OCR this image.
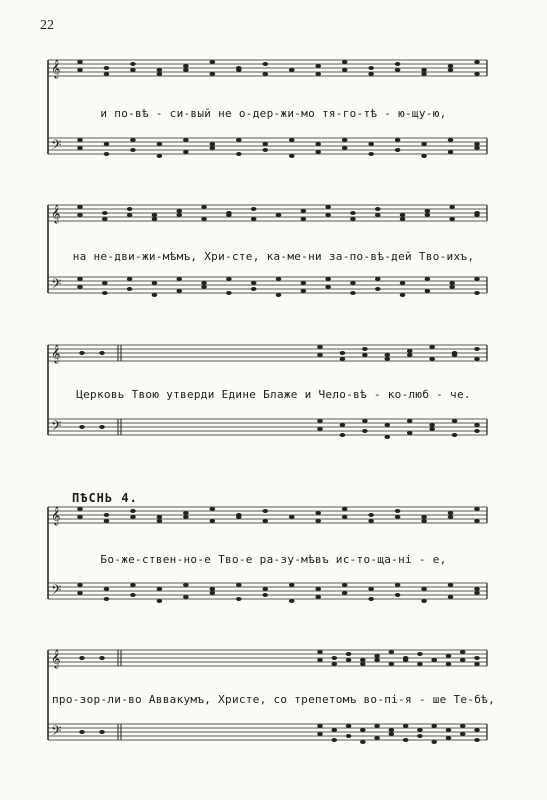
22
ПѢСНЬ 4.
𝄞
𝄢
и по-вѣ - си-вый не о-дер-жи-мо тя-го-тѣ - ю-щу-ю,
𝄞
𝄢
на не-дви-жи-мѣмъ, Хри-сте, ка-ме-ни за-по-вѣ-дей Тво-ихъ,
𝄞
𝄢
Церковь Твою утверди Едине Блаже и Чело-вѣ - ко-люб - че.
𝄞
𝄢
Бо-же-ствен-но-е Тво-е ра-зу-мѣвъ ис-то-ща-ні - е,
𝄞
𝄢
про-зор-ли-во Аввакумъ, Христе, со трепетомъ во-пі-я - ше Те-бѣ,
